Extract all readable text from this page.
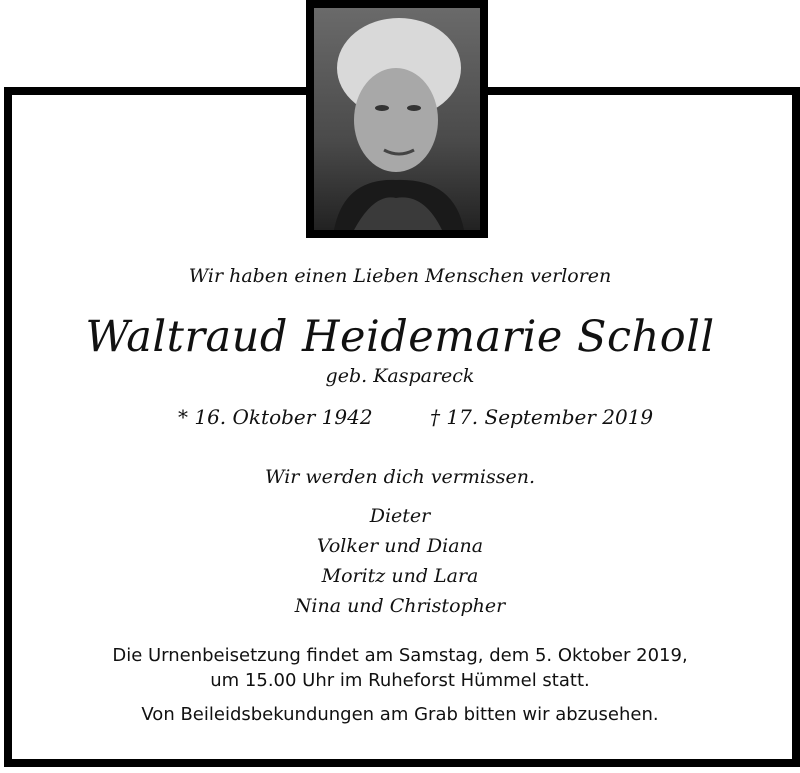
Wir haben einen Lieben Menschen verloren
Waltraud Heidemarie Scholl
geb. Kaspareck
* 16. Oktober 1942	† 17. September 2019
Wir werden dich vermissen.
Dieter
Volker und Diana
Moritz und Lara
Nina und Christopher
Die Urnenbeisetzung findet am Samstag, dem 5. Oktober 2019,
um 15.00 Uhr im Ruheforst Hümmel statt.
Von Beileidsbekundungen am Grab bitten wir abzusehen.
